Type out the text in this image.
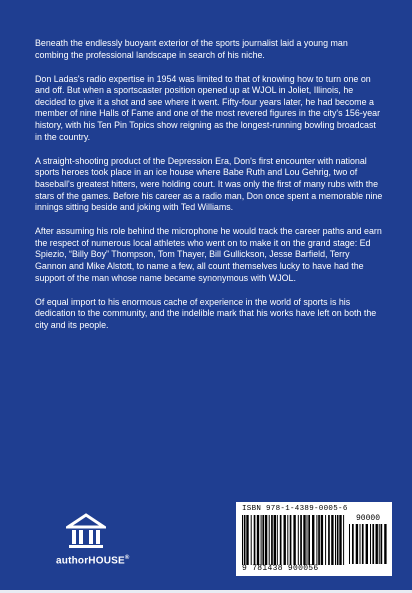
Beneath the endlessly buoyant exterior of the sports journalist laid a young man combing the professional landscape in search of his niche.

Don Ladas's radio expertise in 1954 was limited to that of knowing how to turn one on and off. But when a sportscaster position opened up at WJOL in Joliet, Illinois, he decided to give it a shot and see where it went. Fifty-four years later, he had become a member of nine Halls of Fame and one of the most revered figures in the city's 156-year history, with his Ten Pin Topics show reigning as the longest-running bowling broadcast in the country.

A straight-shooting product of the Depression Era, Don's first encounter with national sports heroes took place in an ice house where Babe Ruth and Lou Gehrig, two of baseball's greatest hitters, were holding court. It was only the first of many rubs with the stars of the games. Before his career as a radio man, Don once spent a memorable nine innings sitting beside and joking with Ted Williams.

After assuming his role behind the microphone he would track the career paths and earn the respect of numerous local athletes who went on to make it on the grand stage: Ed Spiezio, “Billy Boy” Thompson, Tom Thayer, Bill Gullickson, Jesse Barfield, Terry Gannon and Mike Alstott, to name a few, all count themselves lucky to have had the support of the man whose name became synonymous with WJOL.

Of equal import to his enormous cache of experience in the world of sports is his dedication to the community, and the indelible mark that his works have left on both the city and its people.

authorHOUSE®
ISBN 978-1-4389-0005-6
90000
9 781438 900056
